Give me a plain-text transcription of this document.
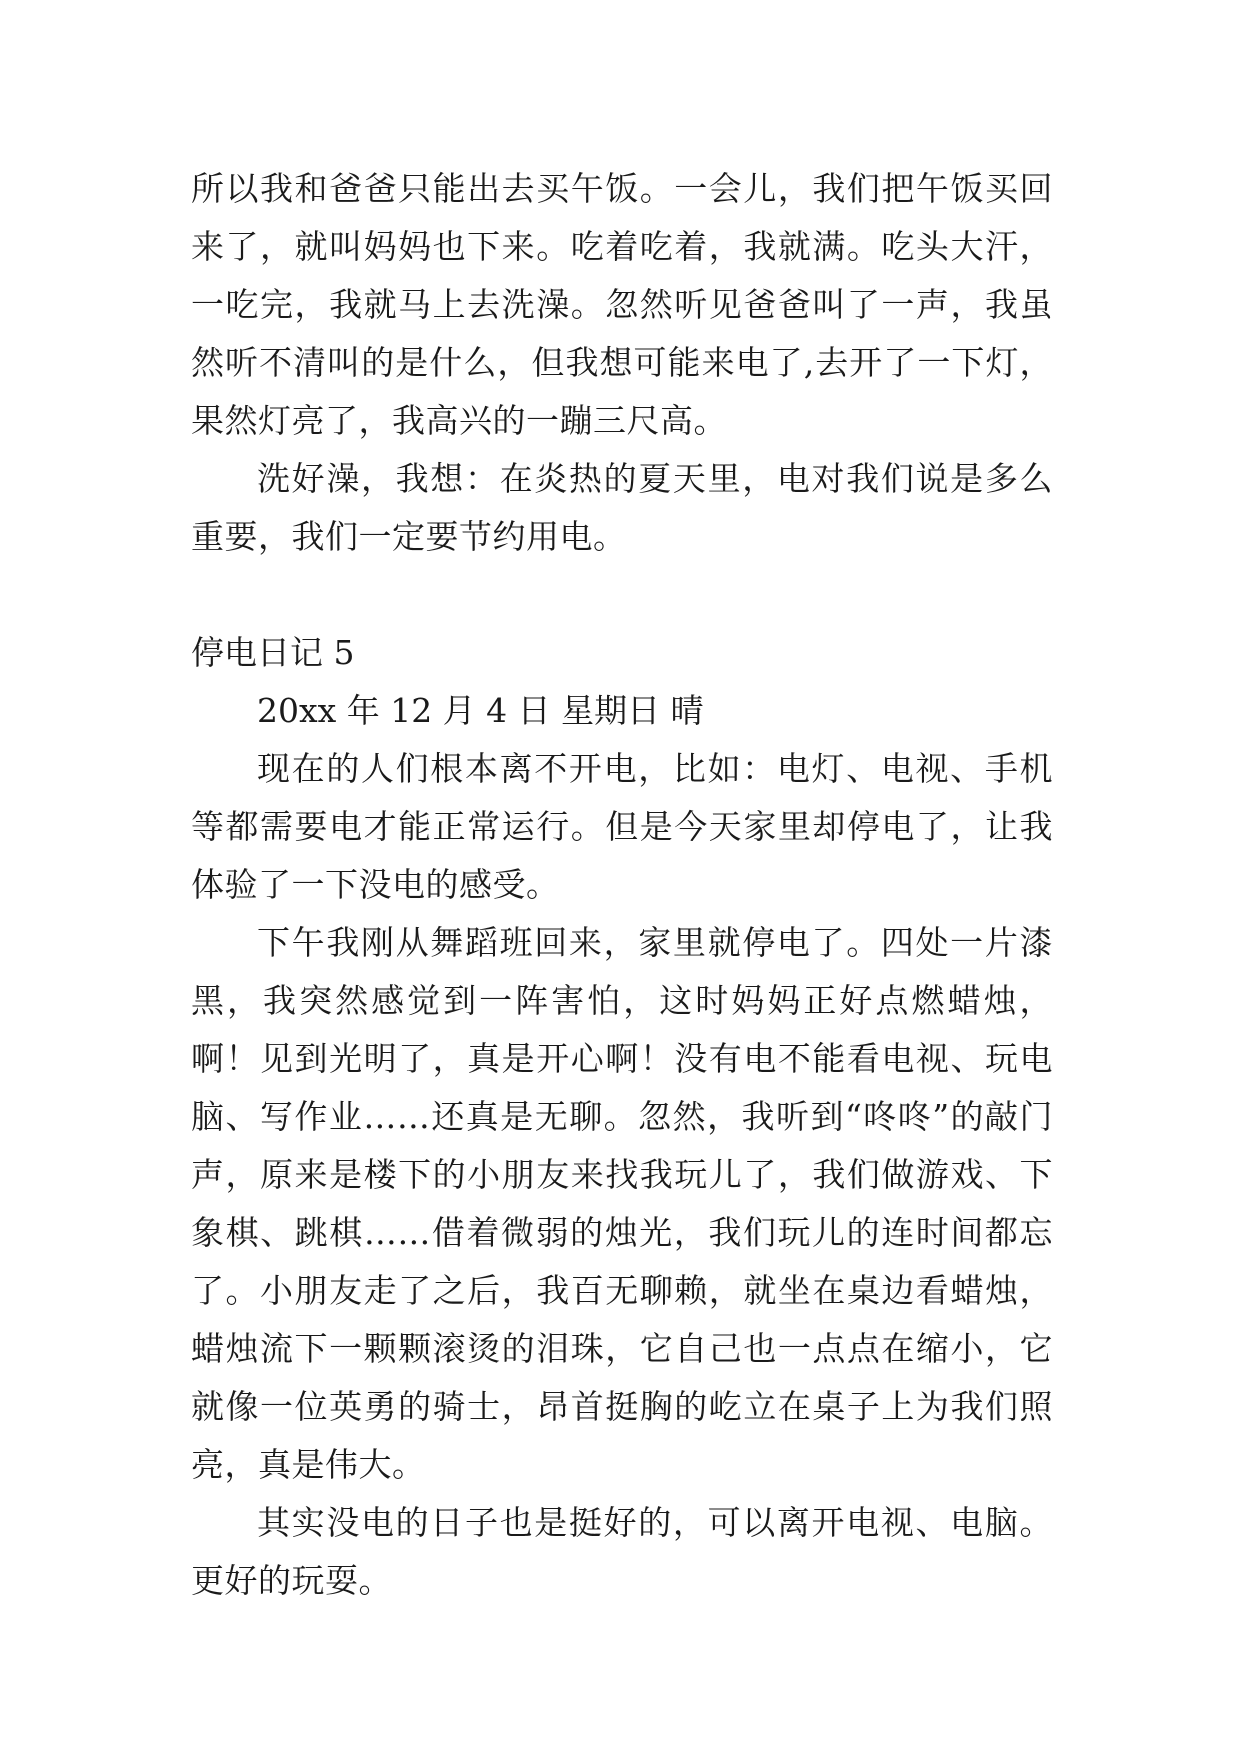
所以我和爸爸只能出去买午饭。一会儿，我们把午饭买回来了，就叫妈妈也下来。吃着吃着，我就满。吃头大汗，一吃完，我就马上去洗澡。忽然听见爸爸叫了一声，我虽然听不清叫的是什么，但我想可能来电了,去开了一下灯，果然灯亮了，我高兴的一蹦三尺高。

洗好澡，我想：在炎热的夏天里，电对我们说是多么重要，我们一定要节约用电。

停电日记 5

20xx 年 12 月 4 日 星期日 晴

现在的人们根本离不开电，比如：电灯、电视、手机等都需要电才能正常运行。但是今天家里却停电了，让我体验了一下没电的感受。

下午我刚从舞蹈班回来，家里就停电了。四处一片漆黑，我突然感觉到一阵害怕，这时妈妈正好点燃蜡烛，啊！见到光明了，真是开心啊！没有电不能看电视、玩电脑、写作业……还真是无聊。忽然，我听到“咚咚”的敲门声，原来是楼下的小朋友来找我玩儿了，我们做游戏、下象棋、跳棋……借着微弱的烛光，我们玩儿的连时间都忘了。小朋友走了之后，我百无聊赖，就坐在桌边看蜡烛，蜡烛流下一颗颗滚烫的泪珠，它自己也一点点在缩小，它就像一位英勇的骑士，昂首挺胸的屹立在桌子上为我们照亮，真是伟大。

其实没电的日子也是挺好的，可以离开电视、电脑。更好的玩耍。
